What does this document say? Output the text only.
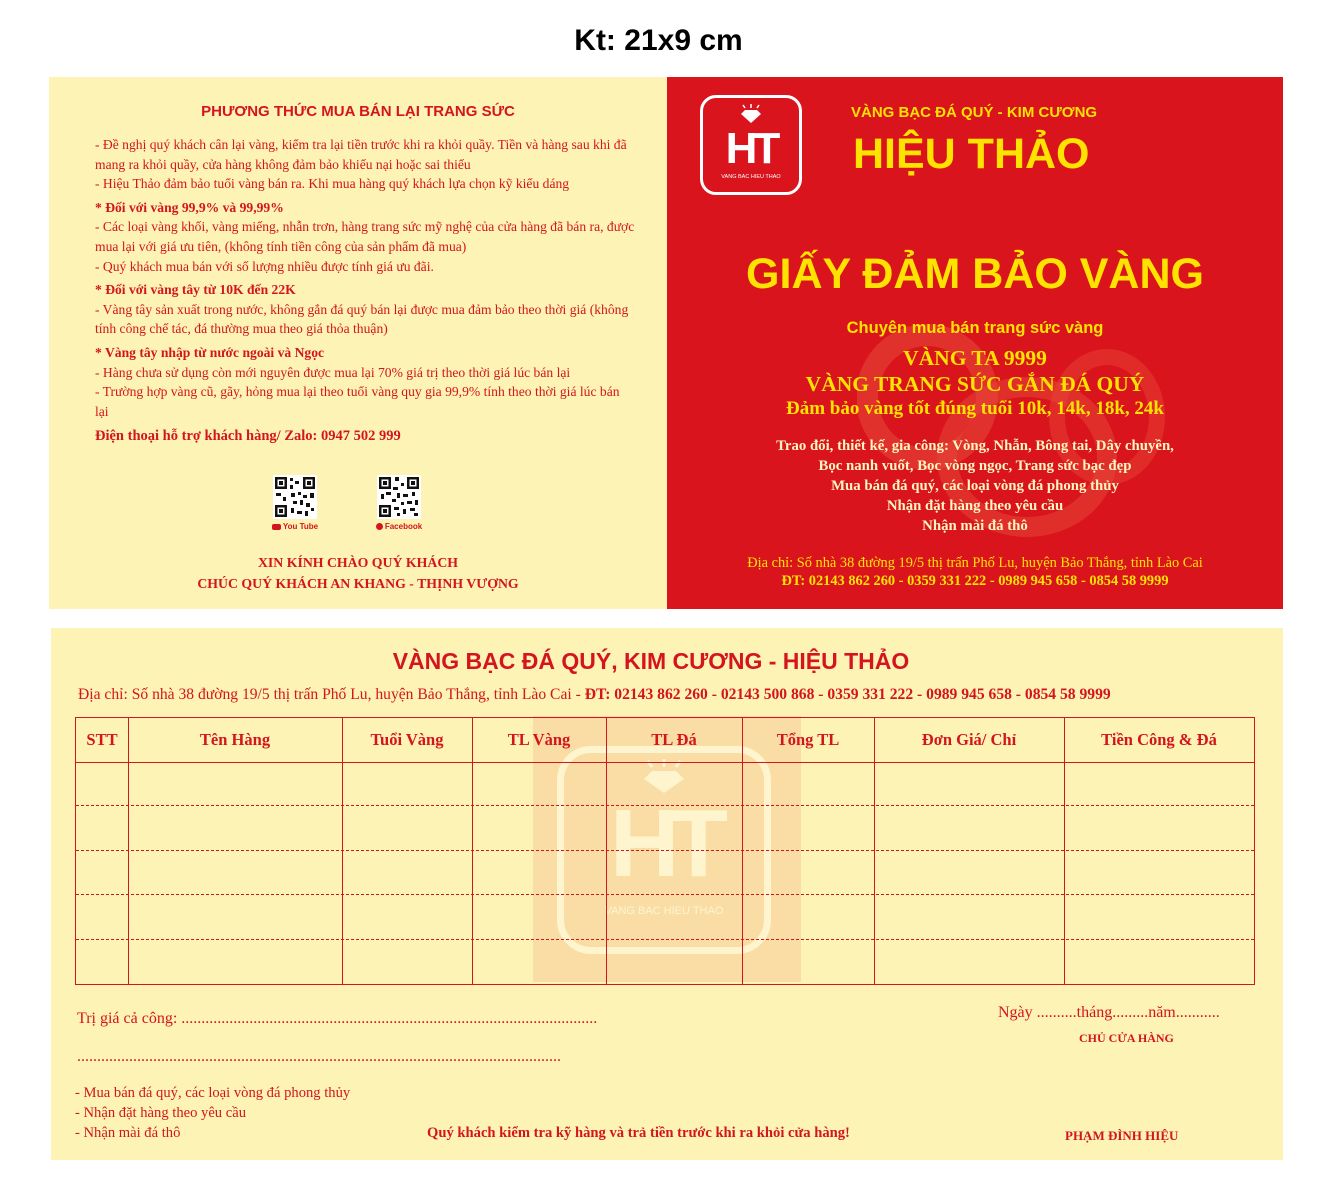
Kt: 21x9 cm
PHƯƠNG THỨC MUA BÁN LẠI TRANG SỨC

- Đề nghị quý khách cân lại vàng, kiểm tra lại tiền trước khi ra khỏi quầy. Tiền và hàng sau khi đã mang ra khỏi quầy, cửa hàng không đảm bảo khiếu nại hoặc sai thiếu

- Hiệu Thảo đảm bảo tuổi vàng bán ra. Khi mua hàng quý khách lựa chọn kỹ kiểu dáng

* Đối với vàng 99,9% và 99,99%

- Các loại vàng khối, vàng miếng, nhẫn trơn, hàng trang sức mỹ nghệ của cửa hàng đã bán ra, được mua lại với giá ưu tiên, (không tính tiền công của sản phẩm đã mua)

- Quý khách mua bán với số lượng nhiều được tính giá ưu đãi.

* Đối với vàng tây từ 10K đến 22K

- Vàng tây sản xuất trong nước, không gắn đá quý bán lại được mua đảm bảo theo thời giá (không tính công chế tác, đá thường mua theo giá thỏa thuận)

* Vàng tây nhập từ nước ngoài và Ngọc

- Hàng chưa sử dụng còn mới nguyên được mua lại 70% giá trị theo thời giá lúc bán lại

- Trường hợp vàng cũ, gãy, hỏng mua lại theo tuổi vàng quy gia 99,9% tính theo thời giá lúc bán lại

Điện thoại hỗ trợ khách hàng/ Zalo: 0947 502 999

You Tube	Facebook
XIN KÍNH CHÀO QUÝ KHÁCH
CHÚC QUÝ KHÁCH AN KHANG - THỊNH VƯỢNG
HT
VANG BAC HIEU THAO
VÀNG BẠC ĐÁ QUÝ - KIM CƯƠNG
HIỆU THẢO
GIẤY ĐẢM BẢO VÀNG
Chuyên mua bán trang sức vàng
VÀNG TA 9999
VÀNG TRANG SỨC GẮN ĐÁ QUÝ
Đảm bảo vàng tốt đúng tuổi 10k, 14k, 18k, 24k
Trao đổi, thiết kế, gia công: Vòng, Nhẫn, Bông tai, Dây chuyền,
Bọc nanh vuốt, Bọc vòng ngọc, Trang sức bạc đẹp
Mua bán đá quý, các loại vòng đá phong thủy
Nhận đặt hàng theo yêu cầu
Nhận mài đá thô
Địa chỉ: Số nhà 38 đường 19/5 thị trấn Phố Lu, huyện Bảo Thắng, tỉnh Lào Cai
ĐT: 02143 862 260 - 0359 331 222 - 0989 945 658 - 0854 58 9999
VÀNG BẠC ĐÁ QUÝ, KIM CƯƠNG - HIỆU THẢO
Địa chỉ: Số nhà 38 đường 19/5 thị trấn Phố Lu, huyện Bảo Thắng, tỉnh Lào Cai - ĐT: 02143 862 260 - 02143 500 868 - 0359 331 222 - 0989 945 658 - 0854 58 9999
HT
VANG BAC HIEU THAO
STT	Tên Hàng	Tuổi Vàng	TL Vàng	TL Đá	Tổng TL	Đơn Giá/ Chỉ	Tiền Công & Đá
Trị giá cả công: ........................................................................................................
.........................................................................................................................
Ngày ..........tháng.........năm...........
CHỦ CỬA HÀNG
- Mua bán đá quý, các loại vòng đá phong thủy
- Nhận đặt hàng theo yêu cầu
- Nhận mài đá thô	Quý khách kiểm tra kỹ hàng và trả tiền trước khi ra khỏi cửa hàng!	PHẠM ĐÌNH HIỆU
